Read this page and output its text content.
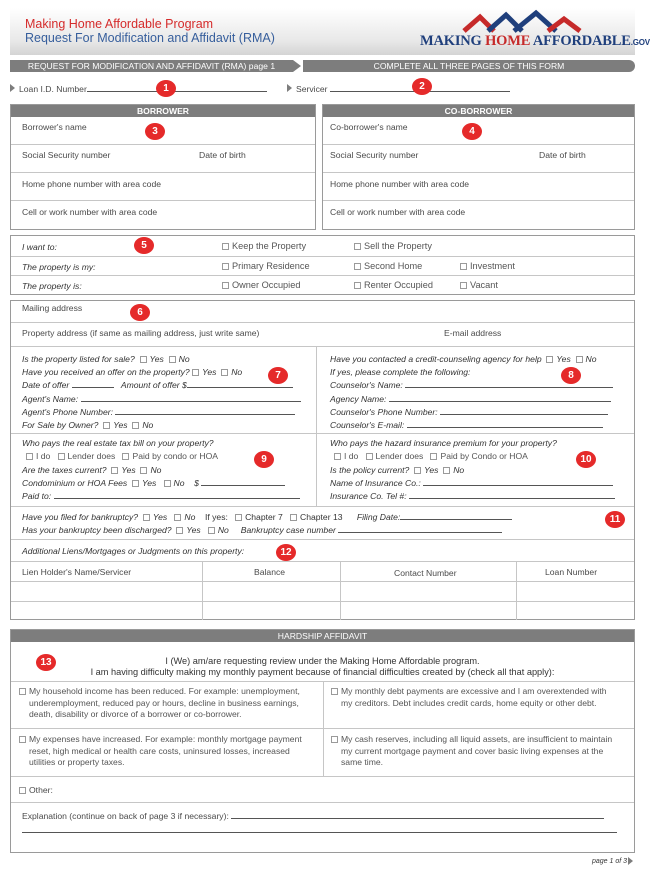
Making Home Affordable Program
Request For Modification and Affidavit (RMA)	MAKING HOME AFFORDABLE.GOV
REQUEST FOR MODIFICATION AND AFFIDAVIT (RMA) page 1	COMPLETE ALL THREE PAGES OF THIS FORM
Loan I.D. Number	Servicer
1	2
3	4
5
6
7	8
9	10
11
12
13
BORROWER
Borrower's name
Social Security number	Date of birth
Home phone number with area code
Cell or work number with area code
CO-BORROWER
Co-borrower's name
Social Security number	Date of birth
Home phone number with area code
Cell or work number with area code
I want to:	Keep the Property	Sell the Property
The property is my:	Primary Residence	Second Home	Investment
The property is:	Owner Occupied	Renter Occupied	Vacant
Mailing address
Property address (if same as mailing address, just write same)	E-mail address
Is the property listed for sale? Yes No
Have you received an offer on the property? Yes No
Date of offer	Amount of offer $
Agent's Name:
Agent's Phone Number:
For Sale by Owner? Yes No
Have you contacted a credit-counseling agency for help Yes No
If yes, please complete the following:
Counselor's Name:
Agency Name:
Counselor's Phone Number:
Counselor's E-mail:
Who pays the real estate tax bill on your property?
I do Lender does Paid by condo or HOA
Are the taxes current? Yes No
Condominium or HOA Fees Yes No $
Paid to:
Who pays the hazard insurance premium for your property?
I do Lender does Paid by Condo or HOA
Is the policy current? Yes No
Name of Insurance Co.:
Insurance Co. Tel #:
Have you filed for bankruptcy? Yes No If yes: Chapter 7 Chapter 13 Filing Date:
Has your bankruptcy been discharged? Yes No Bankruptcy case number
Additional Liens/Mortgages or Judgments on this property:
Lien Holder's Name/Servicer	Balance	Contact Number	Loan Number
HARDSHIP AFFIDAVIT
I (We) am/are requesting review under the Making Home Affordable program.
I am having difficulty making my monthly payment because of financial difficulties created by (check all that apply):
My household income has been reduced. For example: unemployment,
underemployment, reduced pay or hours, decline in business earnings,
death, disability or divorce of a borrower or co-borrower.
My monthly debt payments are excessive and I am overextended with
my creditors. Debt includes credit cards, home equity or other debt.
My expenses have increased. For example: monthly mortgage payment
reset, high medical or health care costs, uninsured losses, increased
utilities or property taxes.
My cash reserves, including all liquid assets, are insufficient to maintain
my current mortgage payment and cover basic living expenses at the
same time.
Other:
Explanation (continue on back of page 3 if necessary):
page 1 of 3
